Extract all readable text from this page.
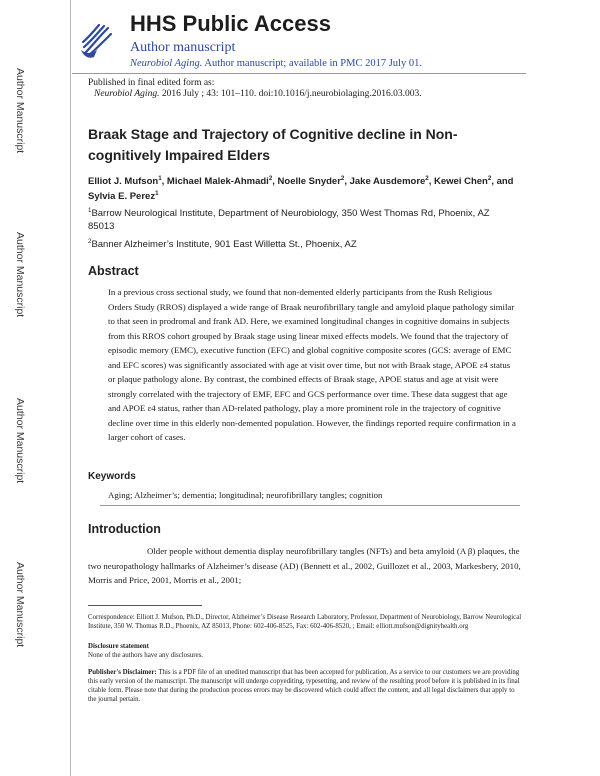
Author Manuscript
Author Manuscript
Author Manuscript
Author Manuscript
HHS Public Access
Author manuscript
Neurobiol Aging. Author manuscript; available in PMC 2017 July 01.
Published in final edited form as:
Neurobiol Aging. 2016 July ; 43: 101–110. doi:10.1016/j.neurobiolaging.2016.03.003.
Braak Stage and Trajectory of Cognitive decline in Non-cognitively Impaired Elders
Elliot J. Mufson$^1$, Michael Malek-Ahmadi$^2$, Noelle Snyder$^2$, Jake Ausdemore$^2$, Kewei Chen$^2$, and Sylvia E. Perez$^1$
$^1$Barrow Neurological Institute, Department of Neurobiology, 350 West Thomas Rd, Phoenix, AZ 85013
$^2$Banner Alzheimer’s Institute, 901 East Willetta St., Phoenix, AZ
Abstract
In a previous cross sectional study, we found that non-demented elderly participants from the Rush Religious Orders Study (RROS) displayed a wide range of Braak neurofibrillary tangle and amyloid plaque pathology similar to that seen in prodromal and frank AD. Here, we examined longitudinal changes in cognitive domains in subjects from this RROS cohort grouped by Braak stage using linear mixed effects models. We found that the trajectory of episodic memory (EMC), executive function (EFC) and global cognitive composite scores (GCS: average of EMC and EFC scores) was significantly associated with age at visit over time, but not with Braak stage, APOE ε4 status or plaque pathology alone. By contrast, the combined effects of Braak stage, APOE status and age at visit were strongly correlated with the trajectory of EMF, EFC and GCS performance over time. These data suggest that age and APOE ε4 status, rather than AD-related pathology, play a more prominent role in the trajectory of cognitive decline over time in this elderly non-demented population. However, the findings reported require confirmation in a larger cohort of cases.
Keywords
Aging; Alzheimer’s; dementia; longitudinal; neurofibrillary tangles; cognition
Introduction
Older people without dementia display neurofibrillary tangles (NFTs) and beta amyloid (A β) plaques, the two neuropathology hallmarks of Alzheimer’s disease (AD) (Bennett et al., 2002, Guillozet et al., 2003, Markesbery, 2010, Morris and Price, 2001, Morris et al., 2001;
Correspondence: Elliott J. Mufson, Ph.D., Director, Alzheimer’s Disease Research Laboratory, Professor, Department of Neurobiology, Barrow Neurological Institute, 350 W. Thomas R.D., Phoenix, AZ 85013, Phone: 602-406-8525, Fax: 602-406-8520, ; Email: elliott.mufson@dignityhealth.org
Disclosure statement
None of the authors have any disclosures.
Publisher's Disclaimer: This is a PDF file of an unedited manuscript that has been accepted for publication. As a service to our customers we are providing this early version of the manuscript. The manuscript will undergo copyediting, typesetting, and review of the resulting proof before it is published in its final citable form. Please note that during the production process errors may be discovered which could affect the content, and all legal disclaimers that apply to the journal pertain.
